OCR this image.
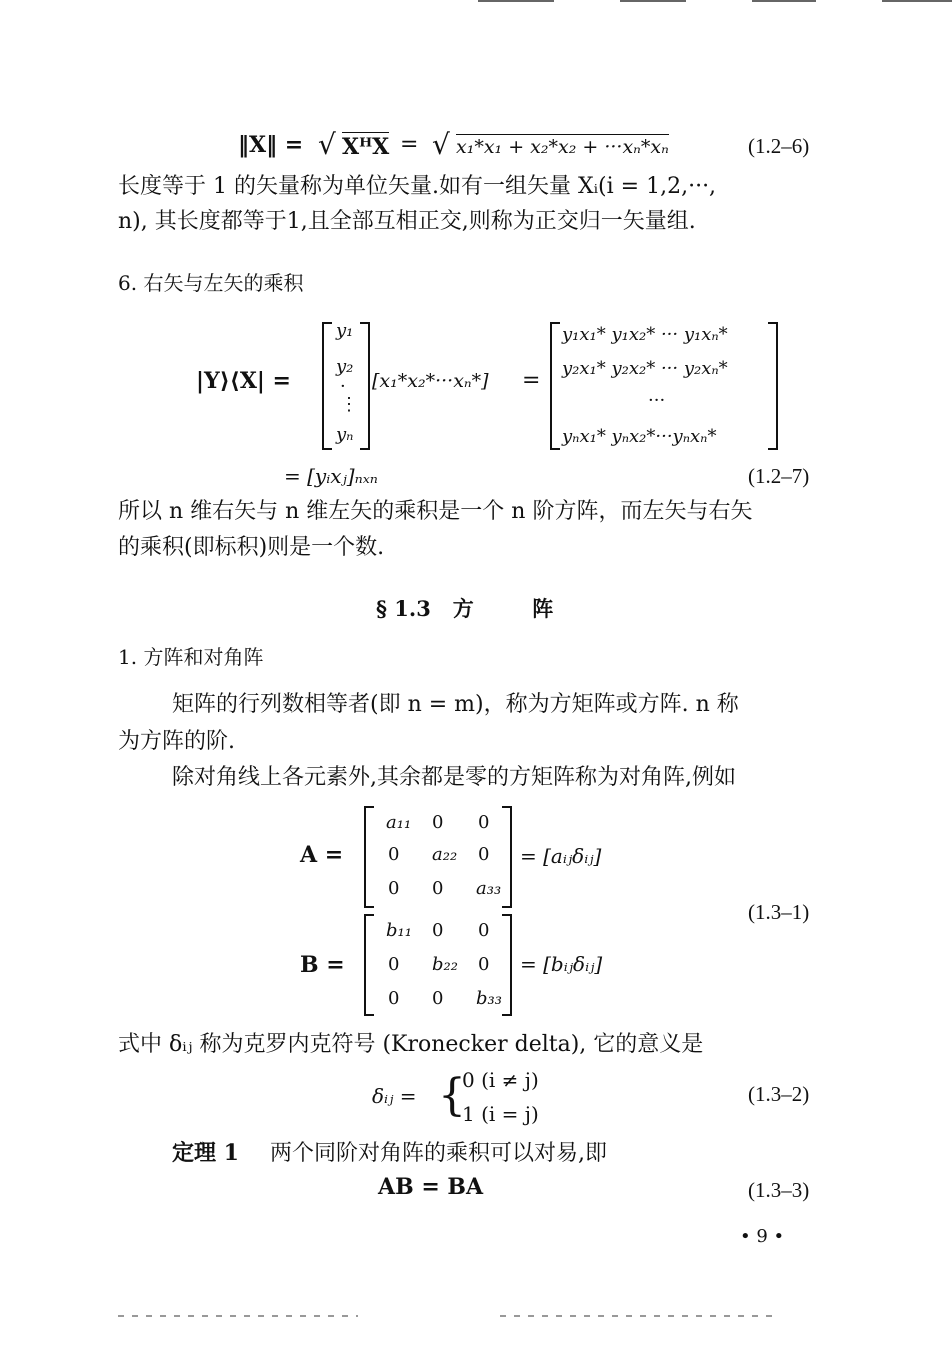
‖X‖ = √ XᴴX = √ x₁*x₁ + x₂*x₂ + ···xₙ*xₙ	(1.2–6)
长度等于 1 的矢量称为单位矢量.如有一组矢量 Xᵢ(i = 1,2,···,
n), 其长度都等于1,且全部互相正交,则称为正交归一矢量组.
6. 右矢与左矢的乘积
|Y⟩⟨X| =
y₁
y₂
·
⋮
yₙ
[x₁*x₂*···xₙ*] =
y₁x₁* y₁x₂* ··· y₁xₙ*
y₂x₁* y₂x₂* ··· y₂xₙ*
···
yₙx₁* yₙx₂*···yₙxₙ*
= [yᵢxⱼ]ₙₓₙ	(1.2–7)
所以 n 维右矢与 n 维左矢的乘积是一个 n 阶方阵，而左矢与右矢
的乘积(即标积)则是一个数.
§ 1.3   方        阵
1. 方阵和对角阵
矩阵的行列数相等者(即 n = m)，称为方矩阵或方阵. n 称
为方阵的阶.
除对角线上各元素外,其余都是零的方矩阵称为对角阵,例如
A =
a₁₁ 0 0
0 a₂₂ 0
0 0 a₃₃
= [aᵢⱼδᵢⱼ]
B =
b₁₁ 0 0
0 b₂₂ 0
0 0 b₃₃
= [bᵢⱼδᵢⱼ]
(1.3–1)
式中 δᵢⱼ 称为克罗内克符号 (Kronecker delta), 它的意义是
δᵢⱼ = {
0 (i ≠ j)
1 (i = j)
(1.3–2)
定理 1 两个同阶对角阵的乘积可以对易,即
AB = BA	(1.3–3)
• 9 •
